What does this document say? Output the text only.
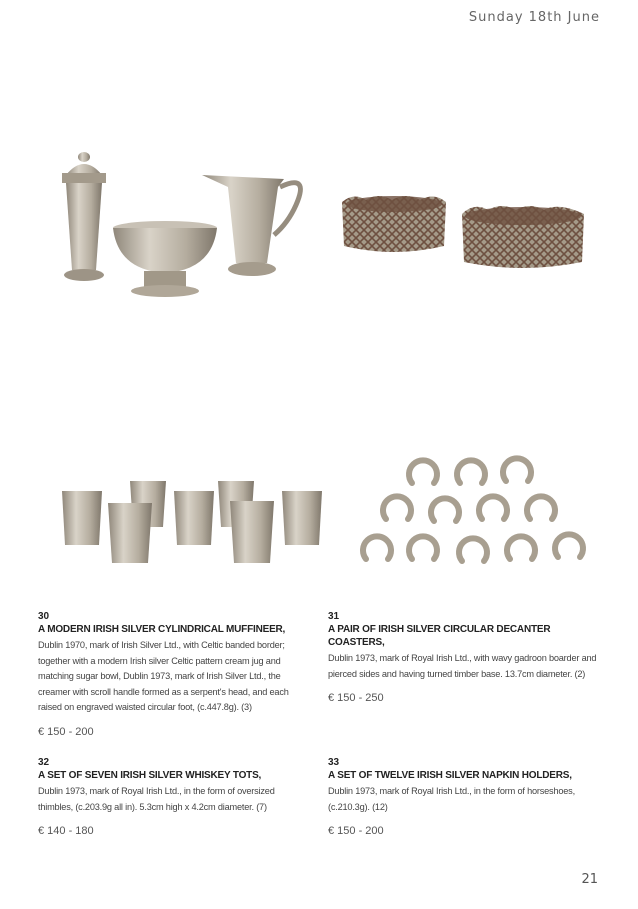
Sunday 18th June
30
A MODERN IRISH SILVER CYLINDRICAL MUFFINEER,
Dublin 1970, mark of Irish Silver Ltd., with Celtic banded border; together with a modern Irish silver Celtic pattern cream jug and matching sugar bowl, Dublin 1973, mark of Irish Silver Ltd., the creamer with scroll handle formed as a serpent's head, and each raised on engraved waisted circular foot, (c.447.8g). (3)
€ 150 - 200
31
A PAIR OF IRISH SILVER CIRCULAR DECANTER COASTERS,
Dublin 1973, mark of Royal Irish Ltd., with wavy gadroon boarder and pierced sides and having turned timber base. 13.7cm diameter. (2)
€ 150 - 250
32
A SET OF SEVEN IRISH SILVER WHISKEY TOTS,
Dublin 1973, mark of Royal Irish Ltd., in the form of oversized thimbles, (c.203.9g all in). 5.3cm high x 4.2cm diameter. (7)
€ 140 - 180
33
A SET OF TWELVE IRISH SILVER NAPKIN HOLDERS,
Dublin 1973, mark of Royal Irish Ltd., in the form of horseshoes, (c.210.3g). (12)
€ 150 - 200
21
